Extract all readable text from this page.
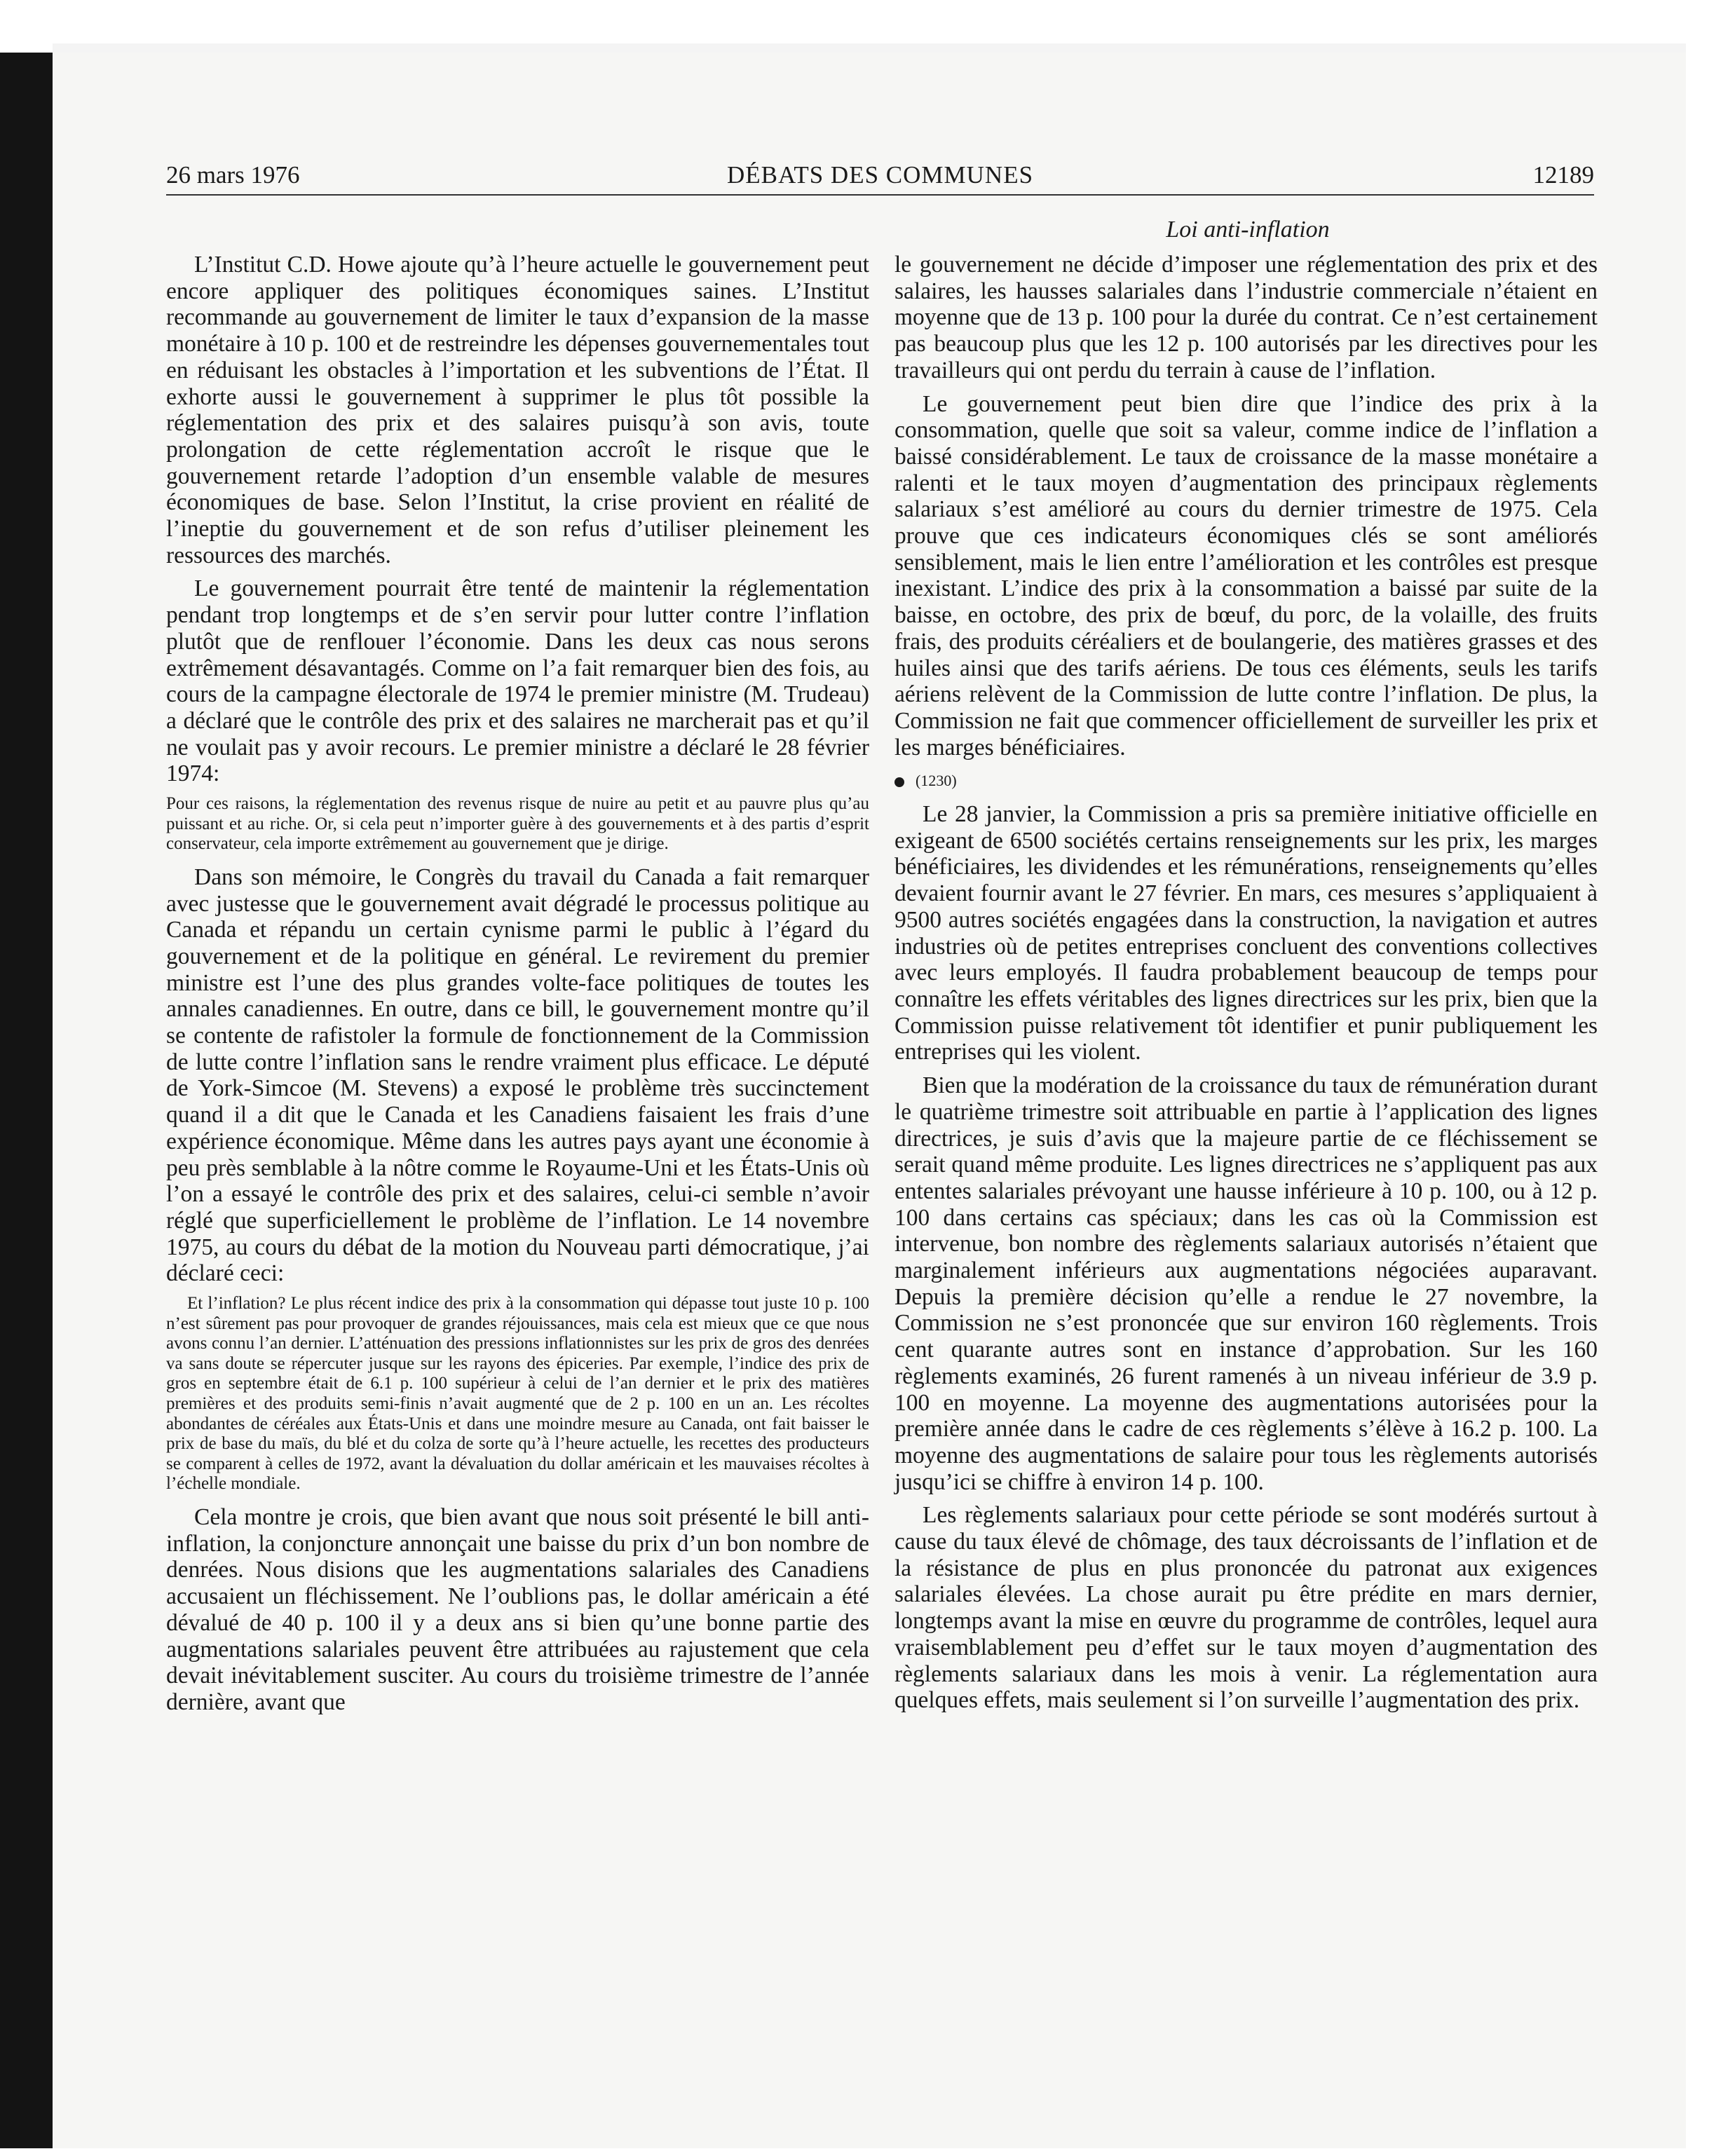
DÉBATS DES COMMUNES
26 mars 1976	12189
Loi anti-inflation

L’Institut C.D. Howe ajoute qu’à l’heure actuelle le gouvernement peut encore appliquer des politiques économiques saines. L’Institut recommande au gouvernement de limiter le taux d’expansion de la masse monétaire à 10 p. 100 et de restreindre les dépenses gouvernementales tout en réduisant les obstacles à l’importation et les subventions de l’État. Il exhorte aussi le gouvernement à supprimer le plus tôt possible la réglementation des prix et des salaires puisqu’à son avis, toute prolongation de cette réglementation accroît le risque que le gouvernement retarde l’adoption d’un ensemble valable de mesures économiques de base. Selon l’Institut, la crise provient en réalité de l’ineptie du gouvernement et de son refus d’utiliser pleinement les ressources des marchés.

Le gouvernement pourrait être tenté de maintenir la réglementation pendant trop longtemps et de s’en servir pour lutter contre l’inflation plutôt que de renflouer l’économie. Dans les deux cas nous serons extrêmement désavantagés. Comme on l’a fait remarquer bien des fois, au cours de la campagne électorale de 1974 le premier ministre (M. Trudeau) a déclaré que le contrôle des prix et des salaires ne marcherait pas et qu’il ne voulait pas y avoir recours. Le premier ministre a déclaré le 28 février 1974:

Pour ces raisons, la réglementation des revenus risque de nuire au petit et au pauvre plus qu’au puissant et au riche. Or, si cela peut n’importer guère à des gouvernements et à des partis d’esprit conservateur, cela importe extrêmement au gouvernement que je dirige.

Dans son mémoire, le Congrès du travail du Canada a fait remarquer avec justesse que le gouvernement avait dégradé le processus politique au Canada et répandu un certain cynisme parmi le public à l’égard du gouvernement et de la politique en général. Le revirement du premier ministre est l’une des plus grandes volte-face politiques de toutes les annales canadiennes. En outre, dans ce bill, le gouvernement montre qu’il se contente de rafistoler la formule de fonctionnement de la Commission de lutte contre l’inflation sans le rendre vraiment plus efficace. Le député de York-Simcoe (M. Stevens) a exposé le problème très succinctement quand il a dit que le Canada et les Canadiens faisaient les frais d’une expérience économique. Même dans les autres pays ayant une économie à peu près semblable à la nôtre comme le Royaume-Uni et les États-Unis où l’on a essayé le contrôle des prix et des salaires, celui-ci semble n’avoir réglé que superficiellement le problème de l’inflation. Le 14 novembre 1975, au cours du débat de la motion du Nouveau parti démocratique, j’ai déclaré ceci:

Et l’inflation? Le plus récent indice des prix à la consommation qui dépasse tout juste 10 p. 100 n’est sûrement pas pour provoquer de grandes réjouissances, mais cela est mieux que ce que nous avons connu l’an dernier. L’atténuation des pressions inflationnistes sur les prix de gros des denrées va sans doute se répercuter jusque sur les rayons des épiceries. Par exemple, l’indice des prix de gros en septembre était de 6.1 p. 100 supérieur à celui de l’an dernier et le prix des matières premières et des produits semi-finis n’avait augmenté que de 2 p. 100 en un an. Les récoltes abondantes de céréales aux États-Unis et dans une moindre mesure au Canada, ont fait baisser le prix de base du maïs, du blé et du colza de sorte qu’à l’heure actuelle, les recettes des producteurs se comparent à celles de 1972, avant la dévaluation du dollar américain et les mauvaises récoltes à l’échelle mondiale.

Cela montre je crois, que bien avant que nous soit présenté le bill anti-inflation, la conjoncture annonçait une baisse du prix d’un bon nombre de denrées. Nous disions que les augmentations salariales des Canadiens accusaient un fléchissement. Ne l’oublions pas, le dollar américain a été dévalué de 40 p. 100 il y a deux ans si bien qu’une bonne partie des augmentations salariales peuvent être attribuées au rajustement que cela devait inévitablement susciter. Au cours du troisième trimestre de l’année dernière, avant que

le gouvernement ne décide d’imposer une réglementation des prix et des salaires, les hausses salariales dans l’industrie commerciale n’étaient en moyenne que de 13 p. 100 pour la durée du contrat. Ce n’est certainement pas beaucoup plus que les 12 p. 100 autorisés par les directives pour les travailleurs qui ont perdu du terrain à cause de l’inflation.

Le gouvernement peut bien dire que l’indice des prix à la consommation, quelle que soit sa valeur, comme indice de l’inflation a baissé considérablement. Le taux de croissance de la masse monétaire a ralenti et le taux moyen d’augmentation des principaux règlements salariaux s’est amélioré au cours du dernier trimestre de 1975. Cela prouve que ces indicateurs économiques clés se sont améliorés sensiblement, mais le lien entre l’amélioration et les contrôles est presque inexistant. L’indice des prix à la consommation a baissé par suite de la baisse, en octobre, des prix de bœuf, du porc, de la volaille, des fruits frais, des produits céréaliers et de boulangerie, des matières grasses et des huiles ainsi que des tarifs aériens. De tous ces éléments, seuls les tarifs aériens relèvent de la Commission de lutte contre l’inflation. De plus, la Commission ne fait que commencer officiellement de surveiller les prix et les marges bénéficiaires.

(1230)

Le 28 janvier, la Commission a pris sa première initiative officielle en exigeant de 6500 sociétés certains renseignements sur les prix, les marges bénéficiaires, les dividendes et les rémunérations, renseignements qu’elles devaient fournir avant le 27 février. En mars, ces mesures s’appliquaient à 9500 autres sociétés engagées dans la construction, la navigation et autres industries où de petites entreprises concluent des conventions collectives avec leurs employés. Il faudra probablement beaucoup de temps pour connaître les effets véritables des lignes directrices sur les prix, bien que la Commission puisse relativement tôt identifier et punir publiquement les entreprises qui les violent.

Bien que la modération de la croissance du taux de rémunération durant le quatrième trimestre soit attribuable en partie à l’application des lignes directrices, je suis d’avis que la majeure partie de ce fléchissement se serait quand même produite. Les lignes directrices ne s’appliquent pas aux ententes salariales prévoyant une hausse inférieure à 10 p. 100, ou à 12 p. 100 dans certains cas spéciaux; dans les cas où la Commission est intervenue, bon nombre des règlements salariaux autorisés n’étaient que marginalement inférieurs aux augmentations négociées auparavant. Depuis la première décision qu’elle a rendue le 27 novembre, la Commission ne s’est prononcée que sur environ 160 règlements. Trois cent quarante autres sont en instance d’approbation. Sur les 160 règlements examinés, 26 furent ramenés à un niveau inférieur de 3.9 p. 100 en moyenne. La moyenne des augmentations autorisées pour la première année dans le cadre de ces règlements s’élève à 16.2 p. 100. La moyenne des augmentations de salaire pour tous les règlements autorisés jusqu’ici se chiffre à environ 14 p. 100.

Les règlements salariaux pour cette période se sont modérés surtout à cause du taux élevé de chômage, des taux décroissants de l’inflation et de la résistance de plus en plus prononcée du patronat aux exigences salariales élevées. La chose aurait pu être prédite en mars dernier, longtemps avant la mise en œuvre du programme de contrôles, lequel aura vraisemblablement peu d’effet sur le taux moyen d’augmentation des règlements salariaux dans les mois à venir. La réglementation aura quelques effets, mais seulement si l’on surveille l’augmentation des prix.
